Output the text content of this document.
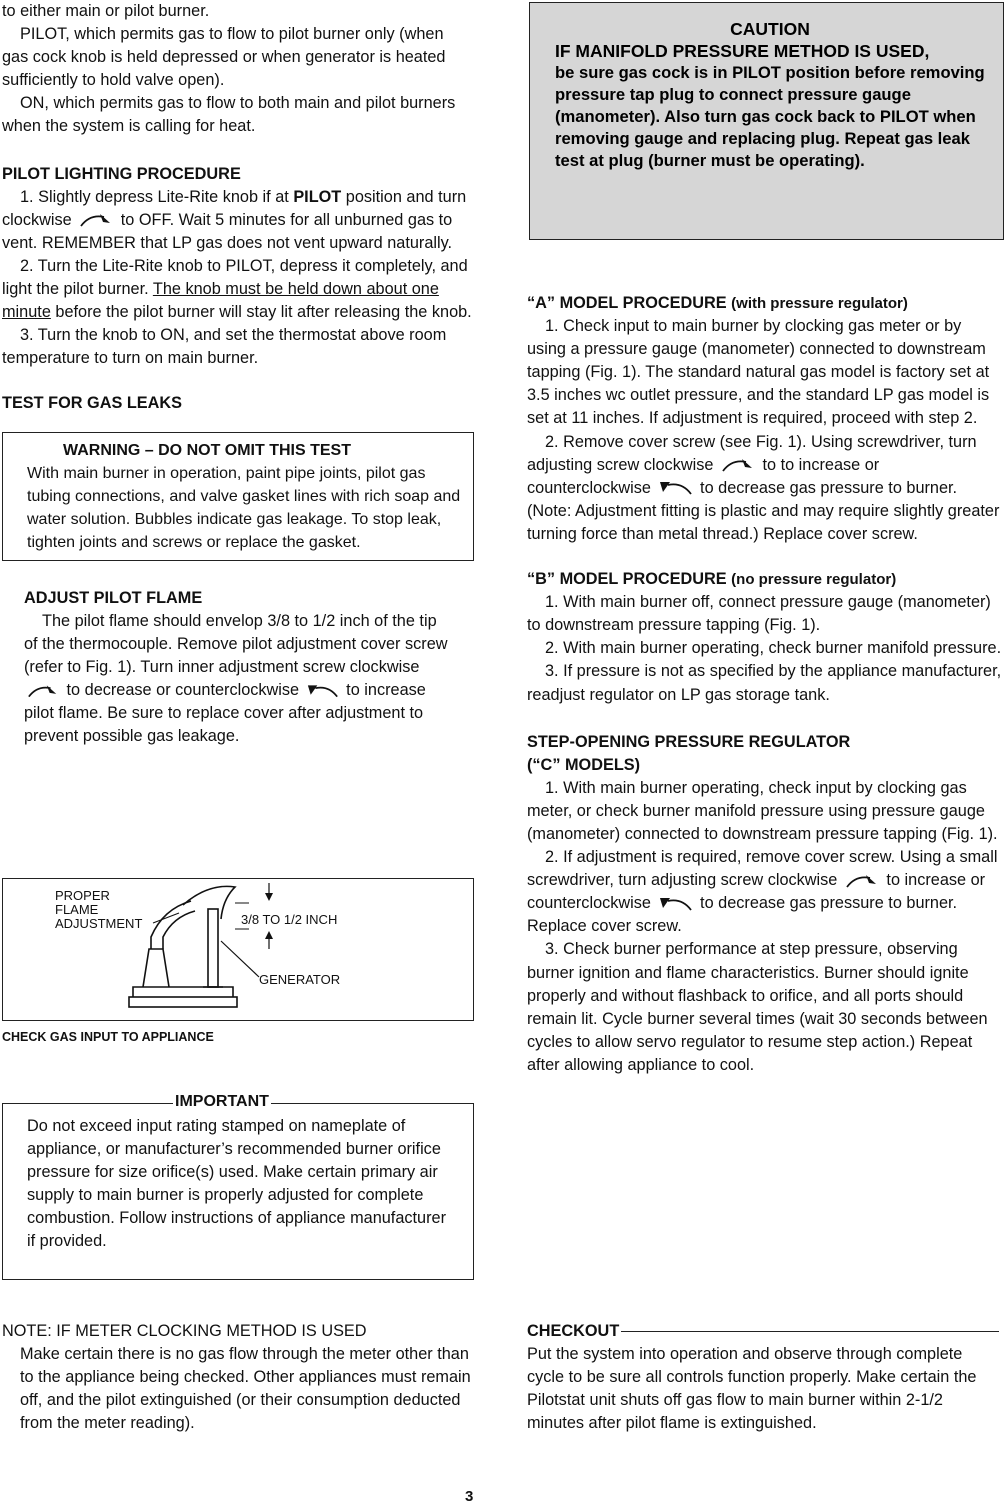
to either main or pilot burner.

PILOT, which permits gas to flow to pilot burner only (when gas cock knob is held depressed or when generator is heated sufficiently to hold valve open).

ON, which permits gas to flow to both main and pilot burners when the system is calling for heat.

PILOT LIGHTING PROCEDURE

1. Slightly depress Lite-Rite knob if at PILOT position and turn clockwise	to OFF. Wait 5 minutes for all unburned gas to vent. REMEMBER that LP gas does not vent upward naturally.

2. Turn the Lite-Rite knob to PILOT, depress it completely, and light the pilot burner. The knob must be held down about one minute before the pilot burner will stay lit after releasing the knob.

3. Turn the knob to ON, and set the thermostat above room temperature to turn on main burner.

TEST FOR GAS LEAKS

WARNING – DO NOT OMIT THIS TEST

With main burner in operation, paint pipe joints, pilot gas tubing connections, and valve gasket lines with rich soap and water solution. Bubbles indicate gas leakage. To stop leak, tighten joints and screws or replace the gasket.

ADJUST PILOT FLAME

The pilot flame should envelop 3/8 to 1/2 inch of the tip of the thermocouple. Remove pilot adjustment cover screw (refer to Fig. 1). Turn inner adjustment screw clockwise  to decrease or counterclockwise	to increase pilot flame. Be sure to replace cover after adjustment to prevent possible gas leakage.

PROPER
FLAME
ADJUSTMENT	3/8 TO 1/2 INCH
GENERATOR
CHECK GAS INPUT TO APPLIANCE
IMPORTANT

Do not exceed input rating stamped on nameplate of appliance, or manufacturer’s recommended burner orifice pressure for size orifice(s) used. Make certain primary air supply to main burner is properly adjusted for complete combustion. Follow instructions of appliance manufacturer if provided.

NOTE: IF METER CLOCKING METHOD IS USED

Make certain there is no gas flow through the meter other than to the appliance being checked. Other appliances must remain off, and the pilot extinguished (or their consumption deducted from the meter reading).

CAUTION

IF MANIFOLD PRESSURE METHOD IS USED,

be sure gas cock is in PILOT position before removing pressure tap plug to connect pressure gauge (manometer). Also turn gas cock back to PILOT when removing gauge and replacing plug. Repeat gas leak test at plug (burner must be operating).

“A” MODEL PROCEDURE (with pressure regulator)

1. Check input to main burner by clocking gas meter or by using a pressure gauge (manometer) connected to downstream tapping (Fig. 1). The standard natural gas model is factory set at 3.5 inches wc outlet pressure, and the standard LP gas model is set at 11 inches. If adjustment is required, proceed with step 2.

2. Remove cover screw (see Fig. 1). Using screwdriver, turn adjusting screw clockwise	to to increase or counterclockwise	to decrease gas pressure to burner. (Note: Adjustment fitting is plastic and may require slightly greater turning force than metal thread.) Replace cover screw.

“B” MODEL PROCEDURE (no pressure regulator)

1. With main burner off, connect pressure gauge (manometer) to downstream pressure tapping (Fig. 1).

2. With main burner operating, check burner manifold pressure.

3. If pressure is not as specified by the appliance manufacturer, readjust regulator on LP gas storage tank.

STEP-OPENING PRESSURE REGULATOR

(“C” MODELS)

1. With main burner operating, check input by clocking gas meter, or check burner manifold pressure using pressure gauge (manometer) connected to downstream pressure tapping (Fig. 1).

2. If adjustment is required, remove cover screw. Using a small screwdriver, turn adjusting screw clockwise	to increase or counterclockwise	to decrease gas pressure to burner. Replace cover screw.

3. Check burner performance at step pressure, observing burner ignition and flame characteristics. Burner should ignite properly and without flashback to orifice, and all ports should remain lit. Cycle burner several times (wait 30 seconds between cycles to allow servo regulator to resume step action.) Repeat after allowing appliance to cool.

CHECKOUT

Put the system into operation and observe through complete cycle to be sure all controls function properly. Make certain the Pilotstat unit shuts off gas flow to main burner within 2-1/2 minutes after pilot flame is extinguished.

3
